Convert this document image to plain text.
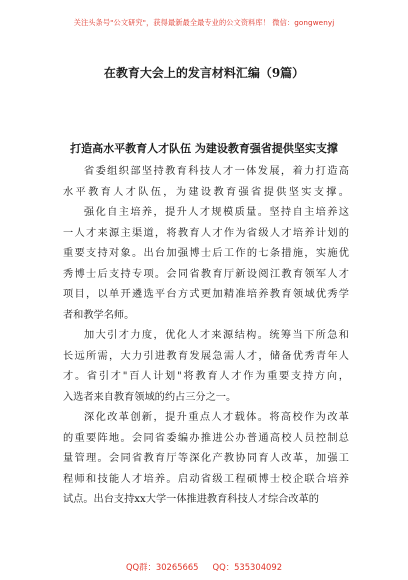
关注头条号"公文研究"，获得最新最全最专业的公文资料库！ 微信：gongwenyj
在教育大会上的发言材料汇编（9篇）
打造高水平教育人才队伍 为建设教育强省提供坚实支撑
省委组织部坚持教育科技人才一体发展，着力打造高
水平教育人才队伍，为建设教育强省提供坚实支撑。
强化自主培养，提升人才规模质量。坚持自主培养这
一人才来源主渠道，将教育人才作为省级人才培养计划的
重要支持对象。出台加强博士后工作的七条措施，实施优
秀博士后支持专项。会同省教育厅新设阅江教育领军人才
项目，以单开遴选平台方式更加精准培养教育领域优秀学
者和教学名师。
加大引才力度，优化人才来源结构。统筹当下所急和
长远所需，大力引进教育发展急需人才，储备优秀青年人
才。省引才"百人计划"将教育人才作为重要支持方向，
入选者来自教育领域的约占三分之一。
深化改革创新，提升重点人才载体。将高校作为改革
的重要阵地。会同省委编办推进公办普通高校人员控制总
量管理。会同省教育厅等深化产教协同育人改革，加强工
程师和技能人才培养。启动省级工程硕博士校企联合培养
试点。出台支持xx大学一体推进教育科技人才综合改革的
QQ群：30265665 QQ：535304092
